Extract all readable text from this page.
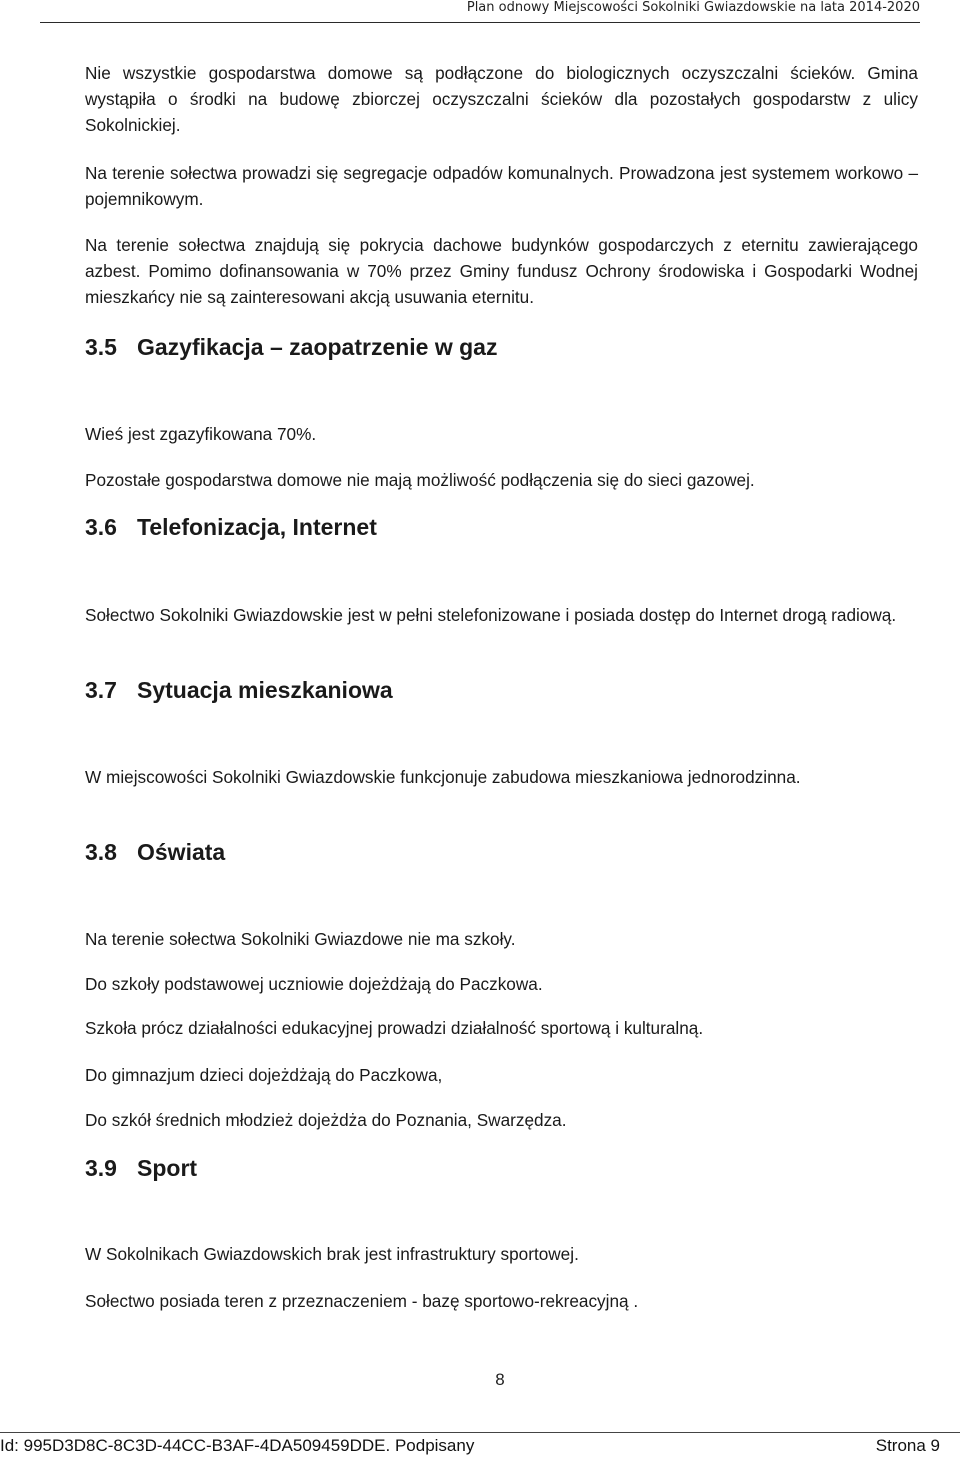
Plan odnowy Miejscowości Sokolniki Gwiazdowskie na lata 2014-2020

Nie wszystkie gospodarstwa domowe są podłączone do biologicznych oczyszczalni ścieków. Gmina wystąpiła o środki na budowę zbiorczej oczyszczalni ścieków dla pozostałych gospodarstw z ulicy Sokolnickiej.

Na terenie sołectwa prowadzi się segregacje odpadów komunalnych. Prowadzona jest systemem workowo – pojemnikowym.

Na terenie sołectwa znajdują się pokrycia dachowe budynków gospodarczych z eternitu zawierającego azbest. Pomimo dofinansowania w 70% przez Gminy fundusz Ochrony środowiska i Gospodarki Wodnej mieszkańcy nie są zainteresowani akcją usuwania eternitu.

3.5 Gazyfikacja – zaopatrzenie w gaz

Wieś jest zgazyfikowana 70%.

Pozostałe gospodarstwa domowe nie mają możliwość podłączenia się do sieci gazowej.

3.6 Telefonizacja, Internet

Sołectwo Sokolniki Gwiazdowskie jest w pełni stelefonizowane i posiada dostęp do Internet drogą radiową.

3.7 Sytuacja mieszkaniowa

W miejscowości Sokolniki Gwiazdowskie funkcjonuje zabudowa mieszkaniowa jednorodzinna.

3.8 Oświata

Na terenie sołectwa Sokolniki Gwiazdowe nie ma szkoły.

Do szkoły podstawowej uczniowie dojeżdżają do Paczkowa.

Szkoła prócz działalności edukacyjnej prowadzi działalność sportową i kulturalną.

Do gimnazjum dzieci dojeżdżają do Paczkowa,

Do szkół średnich młodzież dojeżdża do Poznania, Swarzędza.

3.9 Sport

W Sokolnikach Gwiazdowskich brak jest infrastruktury sportowej.

Sołectwo posiada teren z przeznaczeniem - bazę sportowo-rekreacyjną .

8
Id: 995D3D8C-8C3D-44CC-B3AF-4DA509459DDE. Podpisany	Strona 9
